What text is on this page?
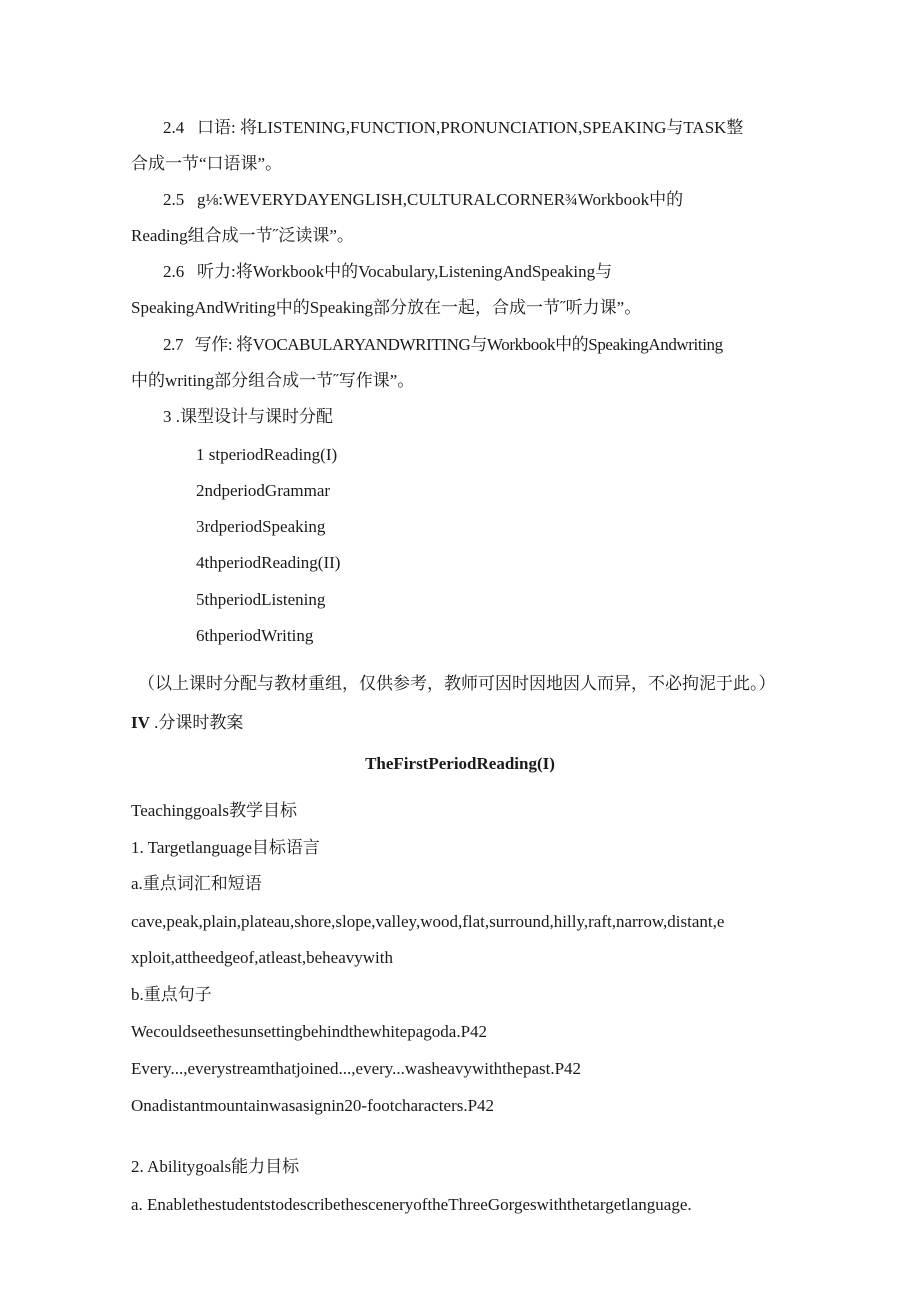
2.4 口语: 将LISTENING,FUNCTION,PRONUNCIATION,SPEAKING与TASK整
合成一节“口语课”。
2.5 g⅛:WEVERYDAYENGLISH,CULTURALCORNER¾Workbook中的
Reading组合成一节˝泛读课”。
2.6 听力:将Workbook中的Vocabulary,ListeningAndSpeaking与
SpeakingAndWriting中的Speaking部分放在一起，合成一节˝听力课”。
2.7 写作: 将VOCABULARYANDWRITING与Workbook中的SpeakingAndwriting
中的writing部分组合成一节˝写作课”。
3 .课型设计与课时分配
1 stperiodReading(I)
2ndperiodGrammar
3rdperiodSpeaking
4thperiodReading(II)
5thperiodListening
6thperiodWriting
（以上课时分配与教材重组，仅供参考，教师可因时因地因人而异，不必拘泥于此。）
IV .分课时教案
TheFirstPeriodReading(I)
Teachinggoals教学目标
1. Targetlanguage目标语言
a.重点词汇和短语
cave,peak,plain,plateau,shore,slope,valley,wood,flat,surround,hilly,raft,narrow,distant,e
xploit,attheedgeof,atleast,beheavywith
b.重点句子
Wecouldseethesunsettingbehindthewhitepagoda.P42
Every...,everystreamthatjoined...,every...washeavywiththepast.P42
Onadistantmountainwasasignin20-footcharacters.P42
2. Abilitygoals能力目标
a. EnablethestudentstodescribethesceneryoftheThreeGorgeswiththetargetlanguage.
